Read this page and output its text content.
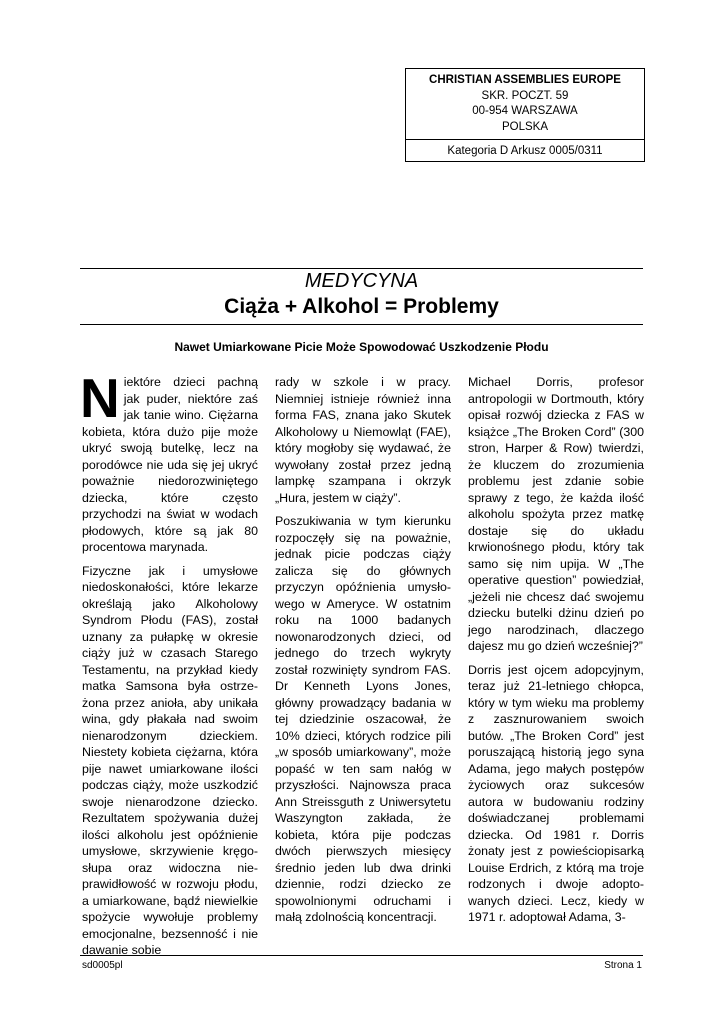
CHRISTIAN ASSEMBLIES EUROPE
SKR. POCZT. 59
00-954 WARSZAWA
POLSKA
Kategoria D Arkusz 0005/0311
MEDYCYNA
Ciąża + Alkohol = Problemy
Nawet Umiarkowane Picie Może Spowodować Uszkodzenie Płodu

Niektóre dzieci pachną jak puder, niektóre zaś jak tanie wino. Ciężarna kobieta, która dużo pije może ukryć swoją butelkę, lecz na porodówce nie uda się jej ukryć poważnie niedorozwiniętego dziecka, które często przychodzi na świat w wodach płodowych, które są jak 80 procentowa marynada.

Fizyczne jak i umysłowe niedoskonałości, które lekarze określają jako Alkoholowy Syndrom Płodu (FAS), został uznany za pułapkę w okresie ciąży już w czasach Starego Testamentu, na przykład kiedy matka Samsona była ostrzeżona przez anioła, aby unikała wina, gdy płakała nad swoim nienarodzonym dzieckiem. Niestety kobieta ciężarna, która pije nawet umiarkowane ilości podczas ciąży, może uszkodzić swoje nienarodzone dziecko. Rezultatem spożywania dużej ilości alkoholu jest opóźnienie umysłowe, skrzywienie kręgosłupa oraz widoczna nieprawidłowość w rozwoju płodu, a umiarkowane, bądź niewielkie spożycie wywołuje problemy emocjonalne, bezsenność i nie dawanie sobie

rady w szkole i w pracy. Niemniej istnieje również inna forma FAS, znana jako Skutek Alkoholowy u Niemowląt (FAE), który mogłoby się wydawać, że wywołany został przez jedną lampkę szampana i okrzyk „Hura, jestem w ciąży”.

Poszukiwania w tym kierunku rozpoczęły się na poważnie, jednak picie podczas ciąży zalicza się do głównych przyczyn opóźnienia umysłowego w Ameryce. W ostatnim roku na 1000 badanych nowonarodzonych dzieci, od jednego do trzech wykryty został rozwinięty syndrom FAS. Dr Kenneth Lyons Jones, główny prowadzący badania w tej dziedzinie oszacował, że 10% dzieci, których rodzice pili „w sposób umiarkowany”, może popaść w ten sam nałóg w przyszłości. Najnowsza praca Ann Streissguth z Uniwersytetu Waszyngton zakłada, że kobieta, która pije podczas dwóch pierwszych miesięcy średnio jeden lub dwa drinki dziennie, rodzi dziecko ze spowolnionymi odruchami i małą zdolnością koncentracji.

Michael Dorris, profesor antropologii w Dortmouth, który opisał rozwój dziecka z FAS w książce „The Broken Cord” (300 stron, Harper & Row) twierdzi, że kluczem do zrozumienia problemu jest zdanie sobie sprawy z tego, że każda ilość alkoholu spożyta przez matkę dostaje się do układu krwionośnego płodu, który tak samo się nim upija. W „The operative question” powiedział, „jeżeli nie chcesz dać swojemu dziecku butelki dżinu dzień po jego narodzinach, dlaczego dajesz mu go dzień wcześniej?”

Dorris jest ojcem adopcyjnym, teraz już 21-letniego chłopca, który w tym wieku ma problemy z zasznurowaniem swoich butów. „The Broken Cord” jest poruszającą historią jego syna Adama, jego małych postępów życiowych oraz sukcesów autora w budowaniu rodziny doświadczanej problemami dziecka. Od 1981 r. Dorris żonaty jest z powieściopisarką Louise Erdrich, z którą ma troje rodzonych i dwoje adoptowanych dzieci. Lecz, kiedy w 1971 r. adoptował Adama, 3-

sd0005pl	Strona 1
